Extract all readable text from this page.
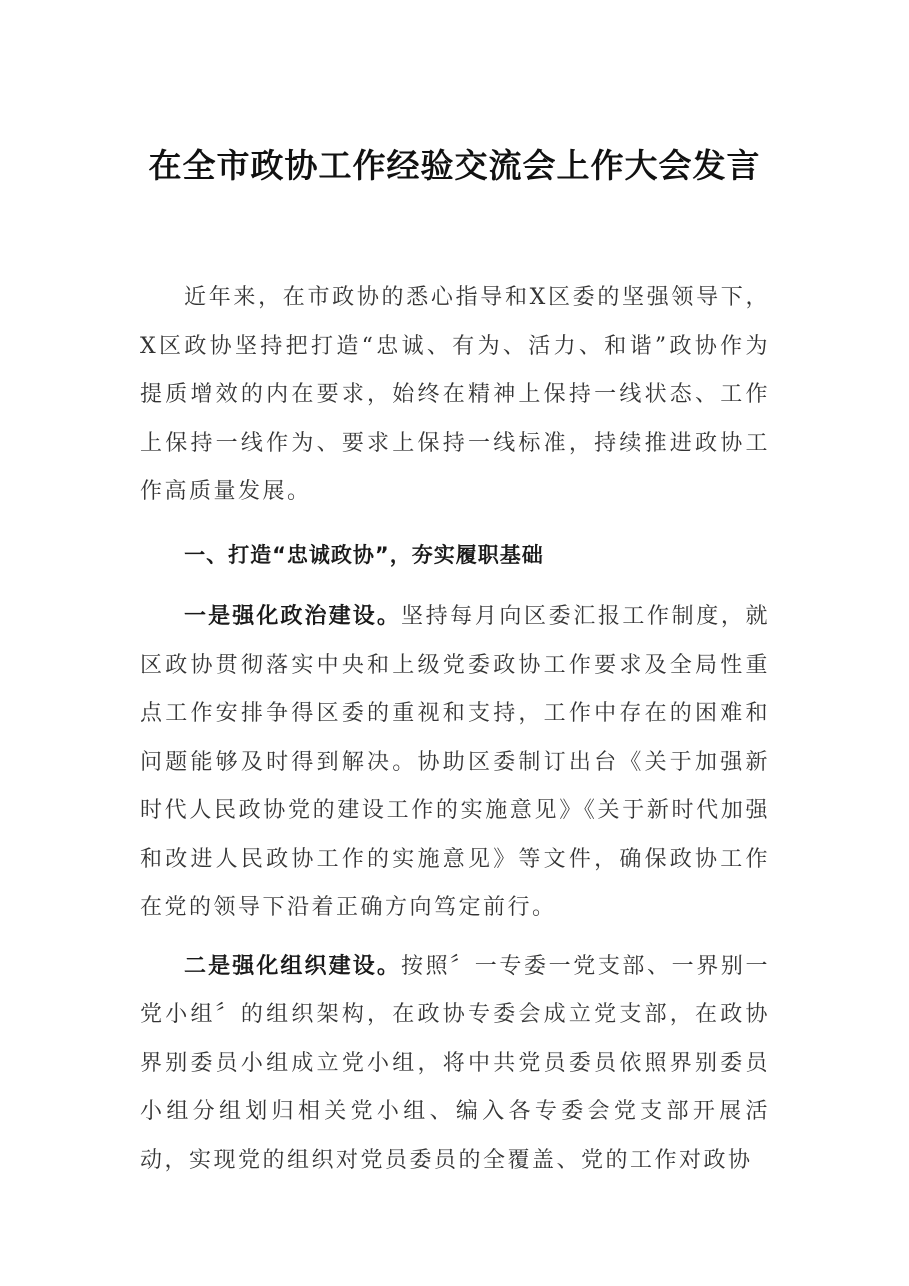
在全市政协工作经验交流会上作大会发言

近年来，在市政协的悉心指导和X区委的坚强领导下，X区政协坚持把打造“忠诚、有为、活力、和谐”政协作为提质增效的内在要求，始终在精神上保持一线状态、工作上保持一线作为、要求上保持一线标准，持续推进政协工作高质量发展。

一、打造“忠诚政协”，夯实履职基础

一是强化政治建设。坚持每月向区委汇报工作制度，就区政协贯彻落实中央和上级党委政协工作要求及全局性重点工作安排争得区委的重视和支持，工作中存在的困难和问题能够及时得到解决。协助区委制订出台《关于加强新时代人民政协党的建设工作的实施意见》《关于新时代加强和改进人民政协工作的实施意见》等文件，确保政协工作在党的领导下沿着正确方向笃定前行。

二是强化组织建设。按照〞一专委一党支部、一界别一党小组〞的组织架构，在政协专委会成立党支部，在政协界别委员小组成立党小组，将中共党员委员依照界别委员小组分组划归相关党小组、编入各专委会党支部开展活动，实现党的组织对党员委员的全覆盖、党的工作对政协
